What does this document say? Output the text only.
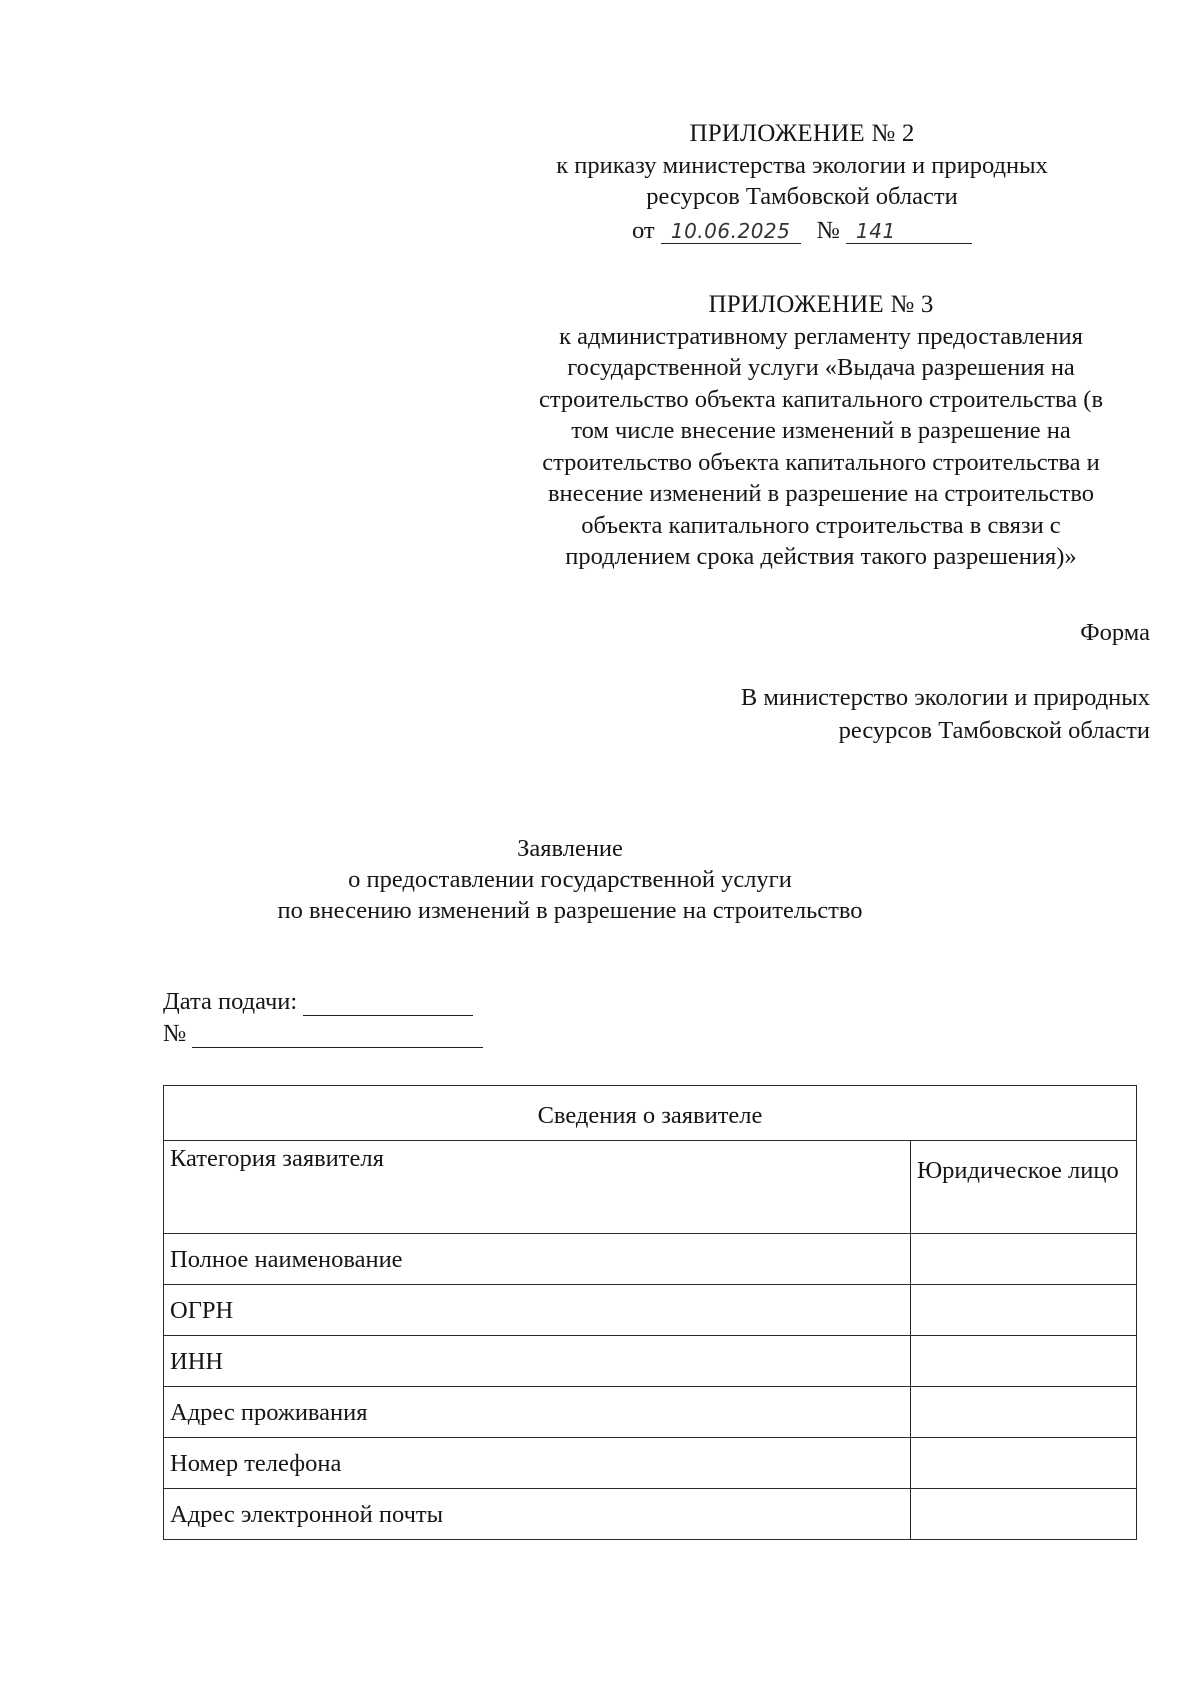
ПРИЛОЖЕНИЕ № 2
к приказу министерства экологии и природных
ресурсов Тамбовской области
от 10.06.2025	№ 141
ПРИЛОЖЕНИЕ № 3
к административному регламенту предоставления
государственной услуги «Выдача разрешения на
строительство объекта капитального строительства (в
том числе внесение изменений в разрешение на
строительство объекта капитального строительства и
внесение изменений в разрешение на строительство
объекта капитального строительства в связи с
продлением срока действия такого разрешения)»
Форма
В министерство экологии и природных
ресурсов Тамбовской области
Заявление
о предоставлении государственной услуги
по внесению изменений в разрешение на строительство
Дата подачи:
№
Сведения о заявителе	
Категория заявителя	Юридическое лицо
Полное наименование	
ОГРН	
ИНН	
Адрес проживания	
Номер телефона	
Адрес электронной почты	
